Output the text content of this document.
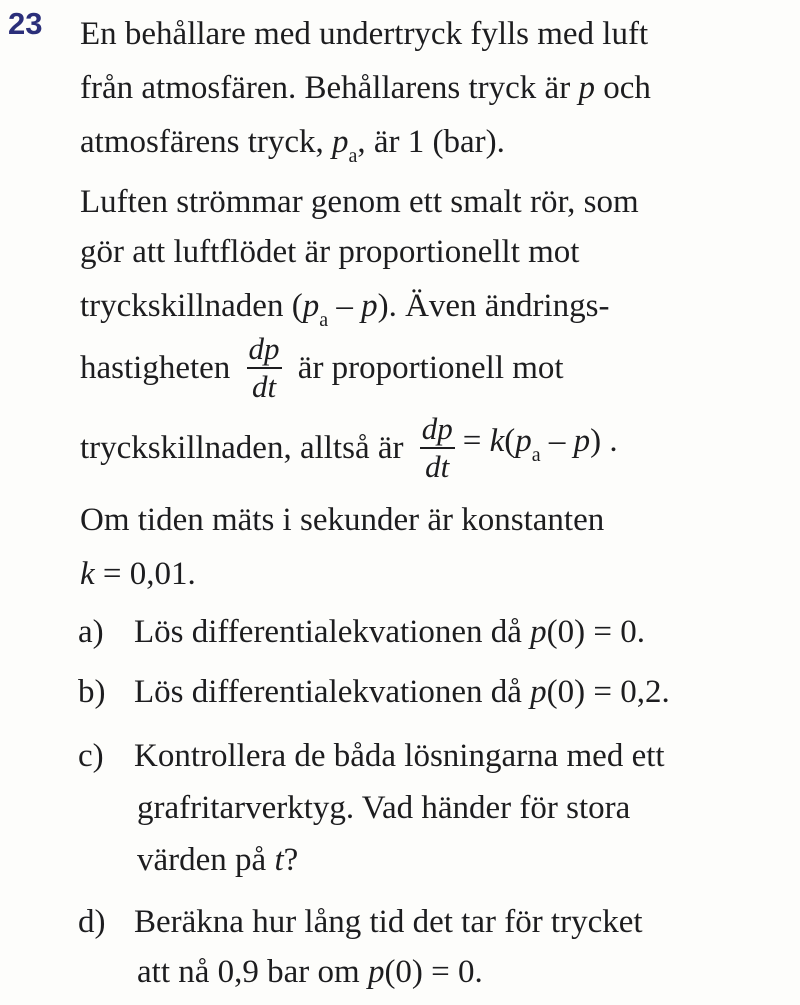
23 En behållare med undertryck fylls med luft
från atmosfären. Behållarens tryck är p och
atmosfärens tryck, $p_a$, är 1 (bar).
Luften strömmar genom ett smalt rör, som
gör att luftflödet är proportionellt mot
tryckskillnaden $(p_a - p)$. Även ändrings-
hastigheten $\frac{dp}{dt}$ är proportionell mot
tryckskillnaden, alltså är $\frac{dp}{dt} = k(p_a - p)$ .
Om tiden mäts i sekunder är konstanten
k = 0,01.
a) Lös differentialekvationen då p(0) = 0.
b) Lös differentialekvationen då p(0) = 0,2.
c) Kontrollera de båda lösningarna med ett
grafritarverktyg. Vad händer för stora
värden på t?
d) Beräkna hur lång tid det tar för trycket
att nå 0,9 bar om p(0) = 0.
